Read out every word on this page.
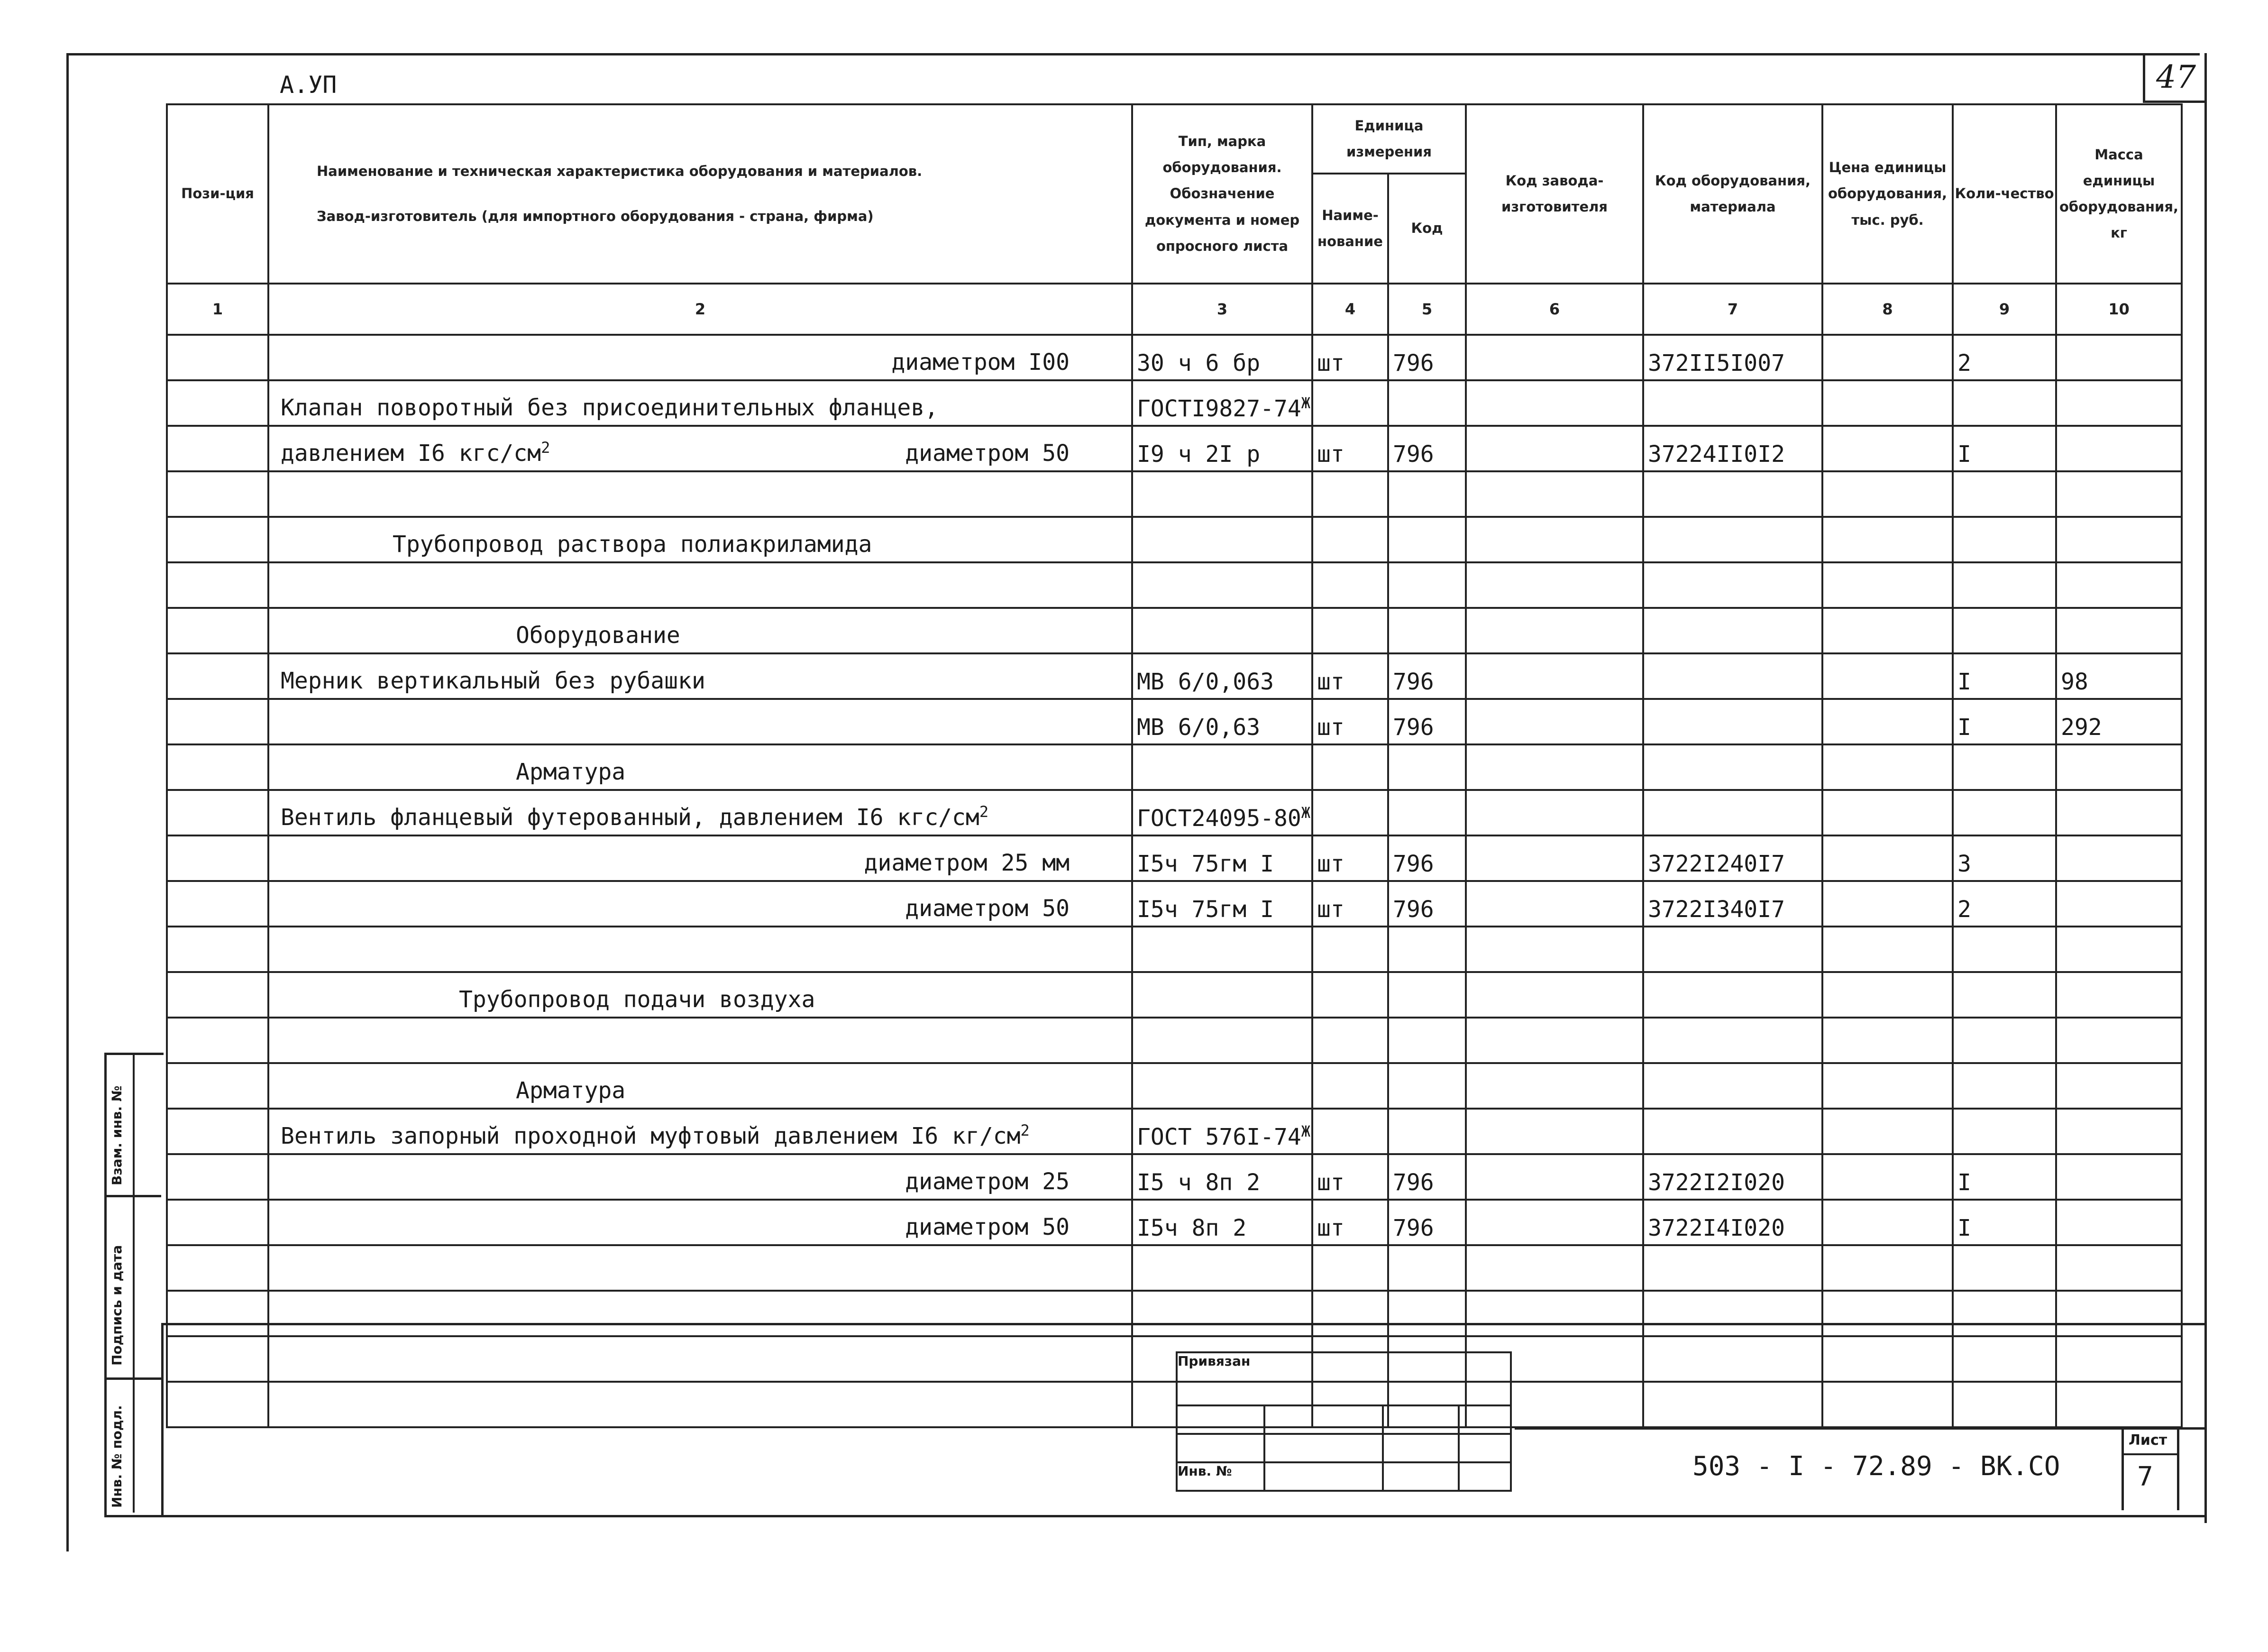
47
А.УП
Пози-ция	Наименование и техническая характеристика оборудования и материалов.
Завод-изготовитель (для импортного оборудования - страна, фирма)	Тип, марка оборудования. Обозначение документа и номер опросного листа	Единица измерения		Код завода-изготовителя	Код оборудования, материала	Цена единицы оборудования, тыс. руб.	Коли-чество	Масса единицы оборудования, кг
			Наиме-нование	Код					
1	2	3	4	5	6	7	8	9	10

	диаметром I00	30 ч 6 бр	шт	796		372II5I007		2	

	Клапан поворотный без присоединительных фланцев,	$ГОСТI9827-74^Ж$							

	давлением I6 кгс/$см^2$ диаметром 50	I9 ч 2I р	шт	796		37224II0I2		I	

	Трубопровод раствора полиакриламида								

	Оборудование								

	Мерник вертикальный без рубашки	МВ 6/0,063	шт	796				I	98
		МВ 6/0,63	шт	796				I	292

	Арматура								

	Вентиль фланцевый футерованный, давлением I6 кгс/$см^2$	$ГОСТ24095-80^Ж$							

	диаметром 25 мм	I5ч 75гм I	шт	796		3722I240I7		3	

	диаметром 50	I5ч 75гм I	шт	796		3722I340I7		2	

	Трубопровод подачи воздуха								

	Арматура								

	Вентиль запорный проходной муфтовый давлением I6 $кг/см^2$	ГОСТ $576I-74^Ж$							

	диаметром 25	I5 ч 8п 2	шт	796		3722I2I020		I	

	диаметром 50	I5ч 8п 2	шт	796		3722I4I020		I	

Привязан			

Инв. №				503 - I - 72.89 - ВК.СО
Лист
7
Взам. инв. №
Подпись и дата
Инв. № подл.
